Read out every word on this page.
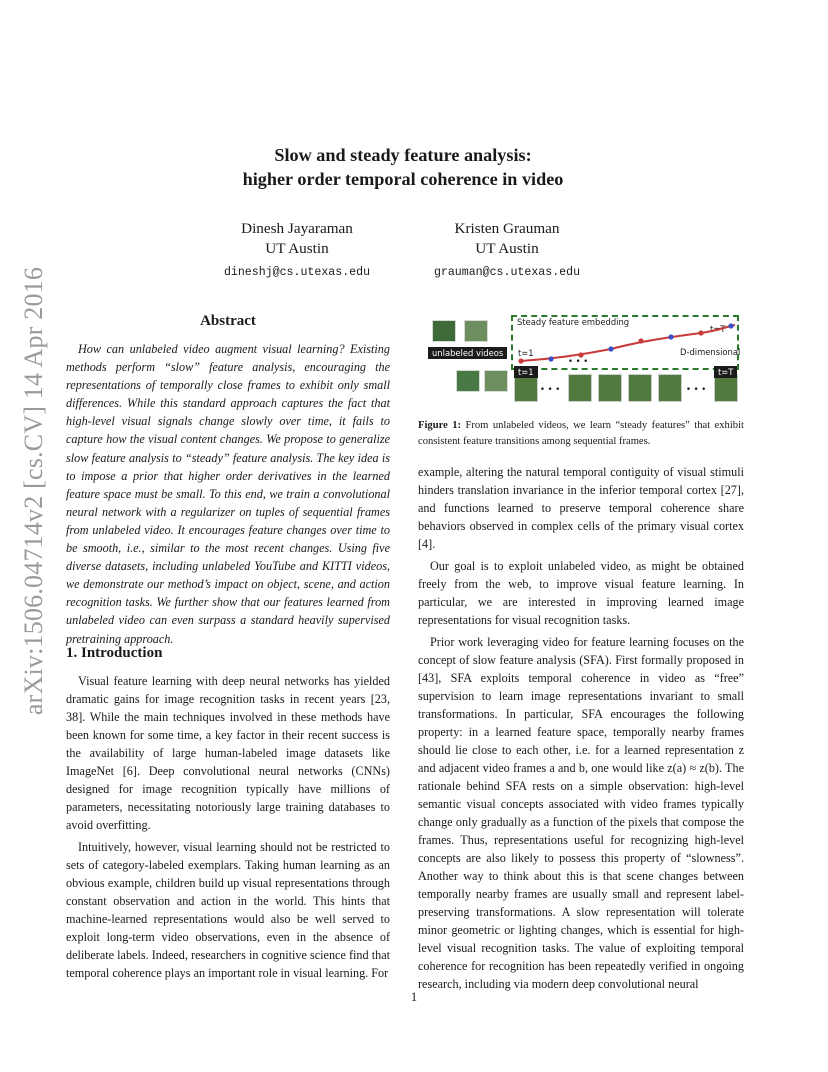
arXiv:1506.04714v2 [cs.CV] 14 Apr 2016
Slow and steady feature analysis:
higher order temporal coherence in video
Dinesh Jayaraman
UT Austin
dineshj@cs.utexas.edu
Kristen Grauman
UT Austin
grauman@cs.utexas.edu
Abstract
How can unlabeled video augment visual learning? Existing methods perform “slow” feature analysis, encouraging the representations of temporally close frames to exhibit only small differences. While this standard approach captures the fact that high-level visual signals change slowly over time, it fails to capture how the visual content changes. We propose to generalize slow feature analysis to “steady” feature analysis. The key idea is to impose a prior that higher order derivatives in the learned feature space must be small. To this end, we train a convolutional neural network with a regularizer on tuples of sequential frames from unlabeled video. It encourages feature changes over time to be smooth, i.e., similar to the most recent changes. Using five diverse datasets, including unlabeled YouTube and KITTI videos, we demonstrate our method’s impact on object, scene, and action recognition tasks. We further show that our features learned from unlabeled video can even surpass a standard heavily supervised pretraining approach.
1. Introduction

Visual feature learning with deep neural networks has yielded dramatic gains for image recognition tasks in recent years [23, 38]. While the main techniques involved in these methods have been known for some time, a key factor in their recent success is the availability of large human-labeled image datasets like ImageNet [6]. Deep convolutional neural networks (CNNs) designed for image recognition typically have millions of parameters, necessitating notoriously large training databases to avoid overfitting.

Intuitively, however, visual learning should not be restricted to sets of category-labeled exemplars. Taking human learning as an obvious example, children build up visual representations through constant observation and action in the world. This hints that machine-learned representations would also be well served to exploit long-term video observations, even in the absence of deliberate labels. Indeed, researchers in cognitive science find that temporal coherence plays an important role in visual learning. For

unlabeled videos
Steady feature embedding
t=1
t=T
D-dimensional
• • •
t=1	t=T
• • •	• • •
Figure 1: From unlabeled videos, we learn “steady features” that exhibit consistent feature transitions among sequential frames.

example, altering the natural temporal contiguity of visual stimuli hinders translation invariance in the inferior temporal cortex [27], and functions learned to preserve temporal coherence share behaviors observed in complex cells of the primary visual cortex [4].

Our goal is to exploit unlabeled video, as might be obtained freely from the web, to improve visual feature learning. In particular, we are interested in improving learned image representations for visual recognition tasks.

Prior work leveraging video for feature learning focuses on the concept of slow feature analysis (SFA). First formally proposed in [43], SFA exploits temporal coherence in video as “free” supervision to learn image representations invariant to small transformations. In particular, SFA encourages the following property: in a learned feature space, temporally nearby frames should lie close to each other, i.e. for a learned representation z and adjacent video frames a and b, one would like z(a) ≈ z(b). The rationale behind SFA rests on a simple observation: high-level semantic visual concepts associated with video frames typically change only gradually as a function of the pixels that compose the frames. Thus, representations useful for recognizing high-level concepts are also likely to possess this property of “slowness”. Another way to think about this is that scene changes between temporally nearby frames are usually small and represent label-preserving transformations. A slow representation will tolerate minor geometric or lighting changes, which is essential for high-level visual recognition tasks. The value of exploiting temporal coherence for recognition has been repeatedly verified in ongoing research, including via modern deep convolutional neural

1
